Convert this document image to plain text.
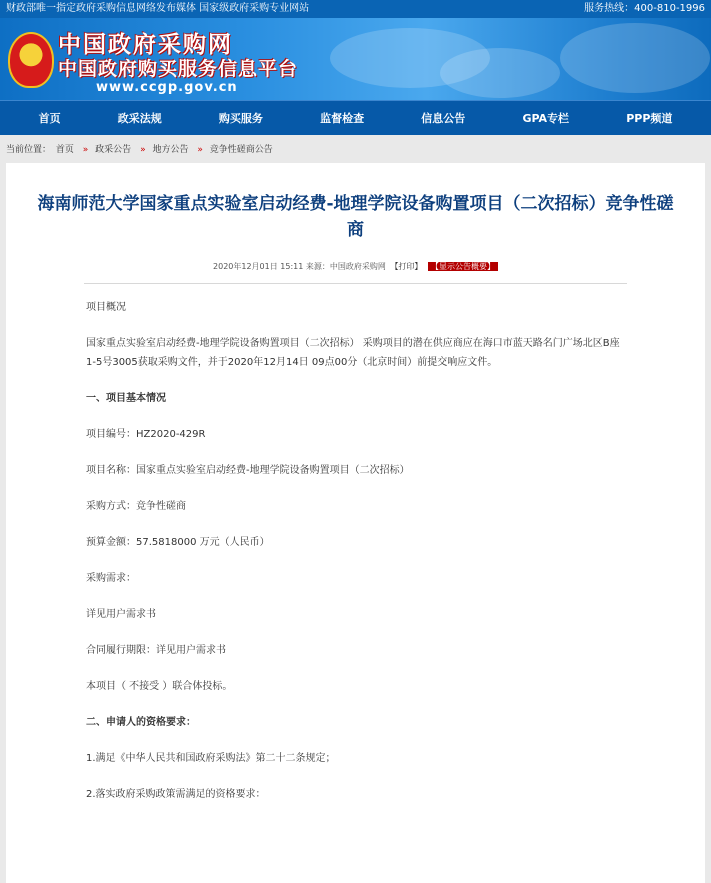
财政部唯一指定政府采购信息网络发布媒体 国家级政府采购专业网站	服务热线：400-810-1996
★ 中国政府采购网
中国政府购买服务信息平台
www.ccgp.gov.cn
首页	政采法规	购买服务	监督检查	信息公告	GPA专栏	PPP频道
当前位置： 首页 » 政采公告 » 地方公告 » 竞争性磋商公告
海南师范大学国家重点实验室启动经费-地理学院设备购置项目（二次招标）竞争性磋商
2020年12月01日 15:11 来源：中国政府采购网 【打印】 【显示公告概要】

项目概况

国家重点实验室启动经费-地理学院设备购置项目（二次招标） 采购项目的潜在供应商应在海口市蓝天路名门广场北区B座1-5号3005获取采购文件，并于2020年12月14日 09点00分（北京时间）前提交响应文件。

一、项目基本情况

项目编号：HZ2020-429R

项目名称：国家重点实验室启动经费-地理学院设备购置项目（二次招标）

采购方式：竞争性磋商

预算金额：57.5818000 万元（人民币）

采购需求：

详见用户需求书

合同履行期限：详见用户需求书

本项目（ 不接受 ）联合体投标。

二、申请人的资格要求：

1.满足《中华人民共和国政府采购法》第二十二条规定；

2.落实政府采购政策需满足的资格要求：
